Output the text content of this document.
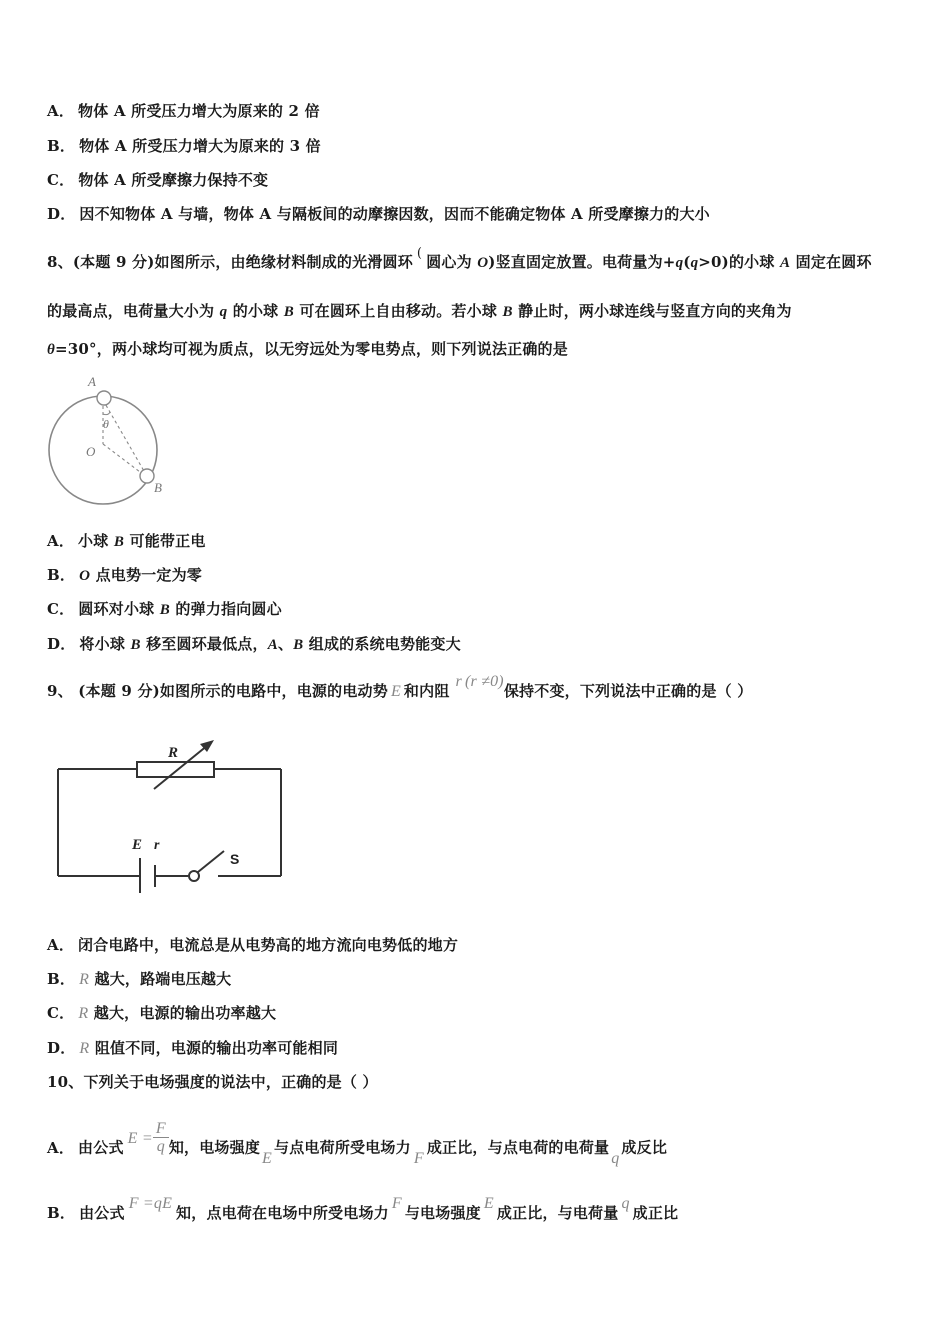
A． 物体 A 所受压力增大为原来的 2 倍
B． 物体 A 所受压力增大为原来的 3 倍
C． 物体 A 所受摩擦力保持不变
D． 因不知物体 A 与墙，物体 A 与隔板间的动摩擦因数，因而不能确定物体 A 所受摩擦力的大小
8、(本题 9 分)如图所示，由绝缘材料制成的光滑圆环 ( 圆心为 O)竖直固定放置。电荷量为+q(q>0)的小球 A 固定在圆环
的最高点，电荷量大小为 q 的小球 B 可在圆环上自由移动。若小球 B 静止时，两小球连线与竖直方向的夹角为
θ=30°，两小球均可视为质点，以无穷远处为零电势点，则下列说法正确的是
A
θ
O
B
A． 小球 B 可能带正电
B． O 点电势一定为零
C． 圆环对小球 B 的弹力指向圆心
D． 将小球 B 移至圆环最低点，A、B 组成的系统电势能变大
9、 (本题 9 分)如图所示的电路中，电源的电动势 E 和内阻r (r ≠0)保持不变，下列说法中正确的是（ ）
R
E r
S
A． 闭合电路中，电流总是从电势高的地方流向电势低的地方
B． R 越大，路端电压越大
C． R 越大，电源的输出功率越大
D． R 阻值不同，电源的输出功率可能相同
10、下列关于电场强度的说法中，正确的是（ ）
A． 由公式$E = \frac{F}{q}$ 知，电场强度E与点电荷所受电场力F成正比，与点电荷的电荷量q成反比
B． 由公式F =qE知，点电荷在电场中所受电场力F与电场强度E成正比，与电荷量q成正比
